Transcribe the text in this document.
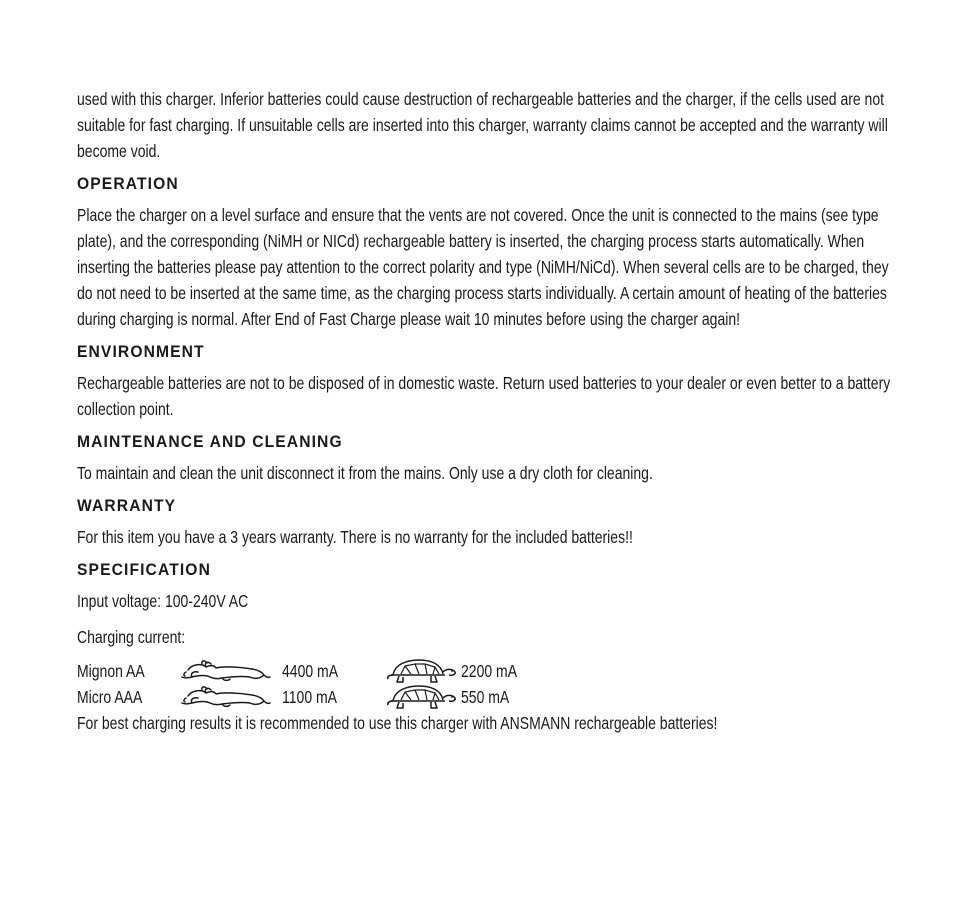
used with this charger. Inferior batteries could cause destruction of rechargeable batteries and the charger, if the cells used are not suitable for fast charging. If unsuitable cells are inserted into this charger, warranty claims cannot be accepted and the warranty will become void.

OPERATION

Place the charger on a level surface and ensure that the vents are not covered. Once the unit is connected to the mains (see type plate), and the corresponding (NiMH or NICd) rechargeable battery is inserted, the charging process starts automatically. When inserting the batteries please pay attention to the correct polarity and type (NiMH/NiCd). When several cells are to be charged, they do not need to be inserted at the same time, as the charging process starts individually. A certain amount of heating of the batteries during charging is normal. After End of Fast Charge please wait 10 minutes before using the charger again!

ENVIRONMENT

Rechargeable batteries are not to be disposed of in domestic waste. Return used batteries to your dealer or even better to a battery collection point.

MAINTENANCE AND CLEANING

To maintain and clean the unit disconnect it from the mains. Only use a dry cloth for cleaning.

WARRANTY

For this item you have a 3 years warranty. There is no warranty for the included batteries!!

SPECIFICATION

Input voltage: 100-240V AC

Charging current:

Mignon AA	4400 mA	2200 mA
Micro AAA	1100 mA	550 mA

For best charging results it is recommended to use this charger with ANSMANN rechargeable batteries!
